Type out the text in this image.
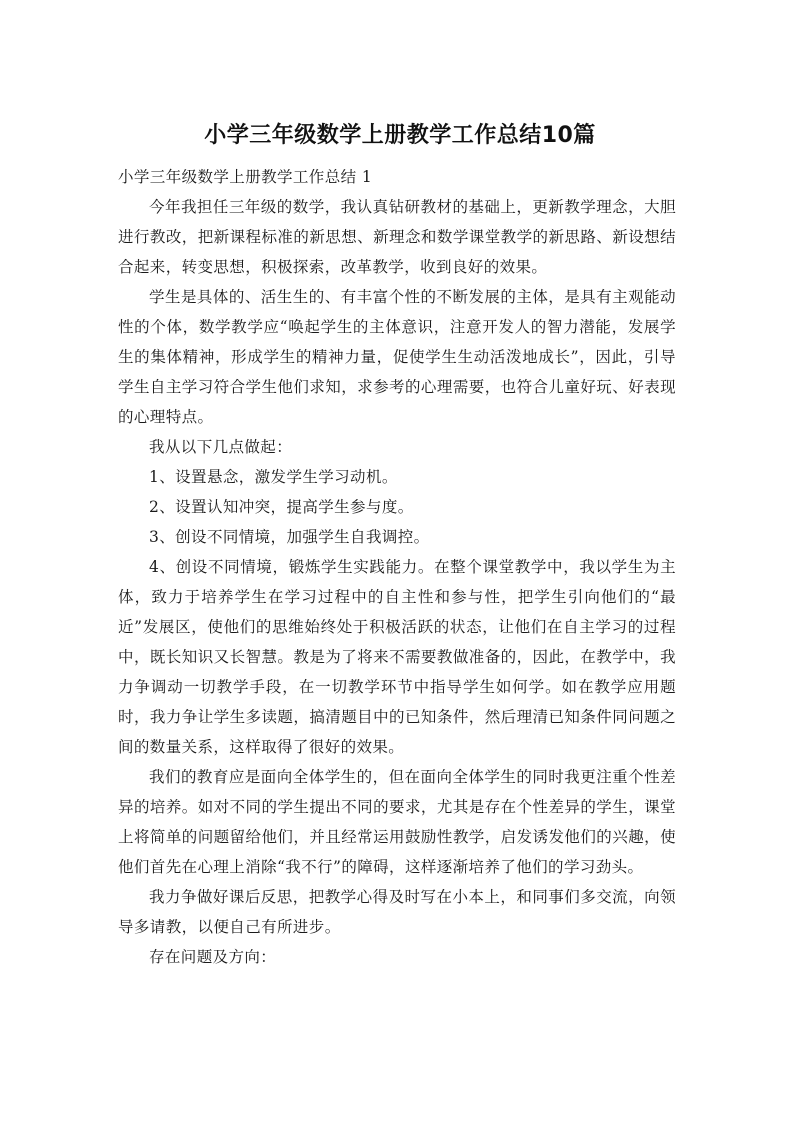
小学三年级数学上册教学工作总结10篇

小学三年级数学上册教学工作总结 1

今年我担任三年级的数学，我认真钻研教材的基础上，更新教学理念，大胆进行教改，把新课程标准的新思想、新理念和数学课堂教学的新思路、新设想结合起来，转变思想，积极探索，改革教学，收到良好的效果。

学生是具体的、活生生的、有丰富个性的不断发展的主体，是具有主观能动性的个体，数学教学应“唤起学生的主体意识，注意开发人的智力潜能，发展学生的集体精神，形成学生的精神力量，促使学生生动活泼地成长”，因此，引导学生自主学习符合学生他们求知，求参考的心理需要，也符合儿童好玩、好表现的心理特点。

我从以下几点做起：

1、设置悬念，激发学生学习动机。

2、设置认知冲突，提高学生参与度。

3、创设不同情境，加强学生自我调控。

4、创设不同情境，锻炼学生实践能力。在整个课堂教学中，我以学生为主体，致力于培养学生在学习过程中的自主性和参与性，把学生引向他们的“最近”发展区，使他们的思维始终处于积极活跃的状态，让他们在自主学习的过程中，既长知识又长智慧。教是为了将来不需要教做准备的，因此，在教学中，我力争调动一切教学手段，在一切教学环节中指导学生如何学。如在教学应用题时，我力争让学生多读题，搞清题目中的已知条件，然后理清已知条件同问题之间的数量关系，这样取得了很好的效果。

我们的教育应是面向全体学生的，但在面向全体学生的同时我更注重个性差异的培养。如对不同的学生提出不同的要求，尤其是存在个性差异的学生，课堂上将简单的问题留给他们，并且经常运用鼓励性教学，启发诱发他们的兴趣，使他们首先在心理上消除“我不行”的障碍，这样逐渐培养了他们的学习劲头。

我力争做好课后反思，把教学心得及时写在小本上，和同事们多交流，向领导多请教，以便自己有所进步。

存在问题及方向：
